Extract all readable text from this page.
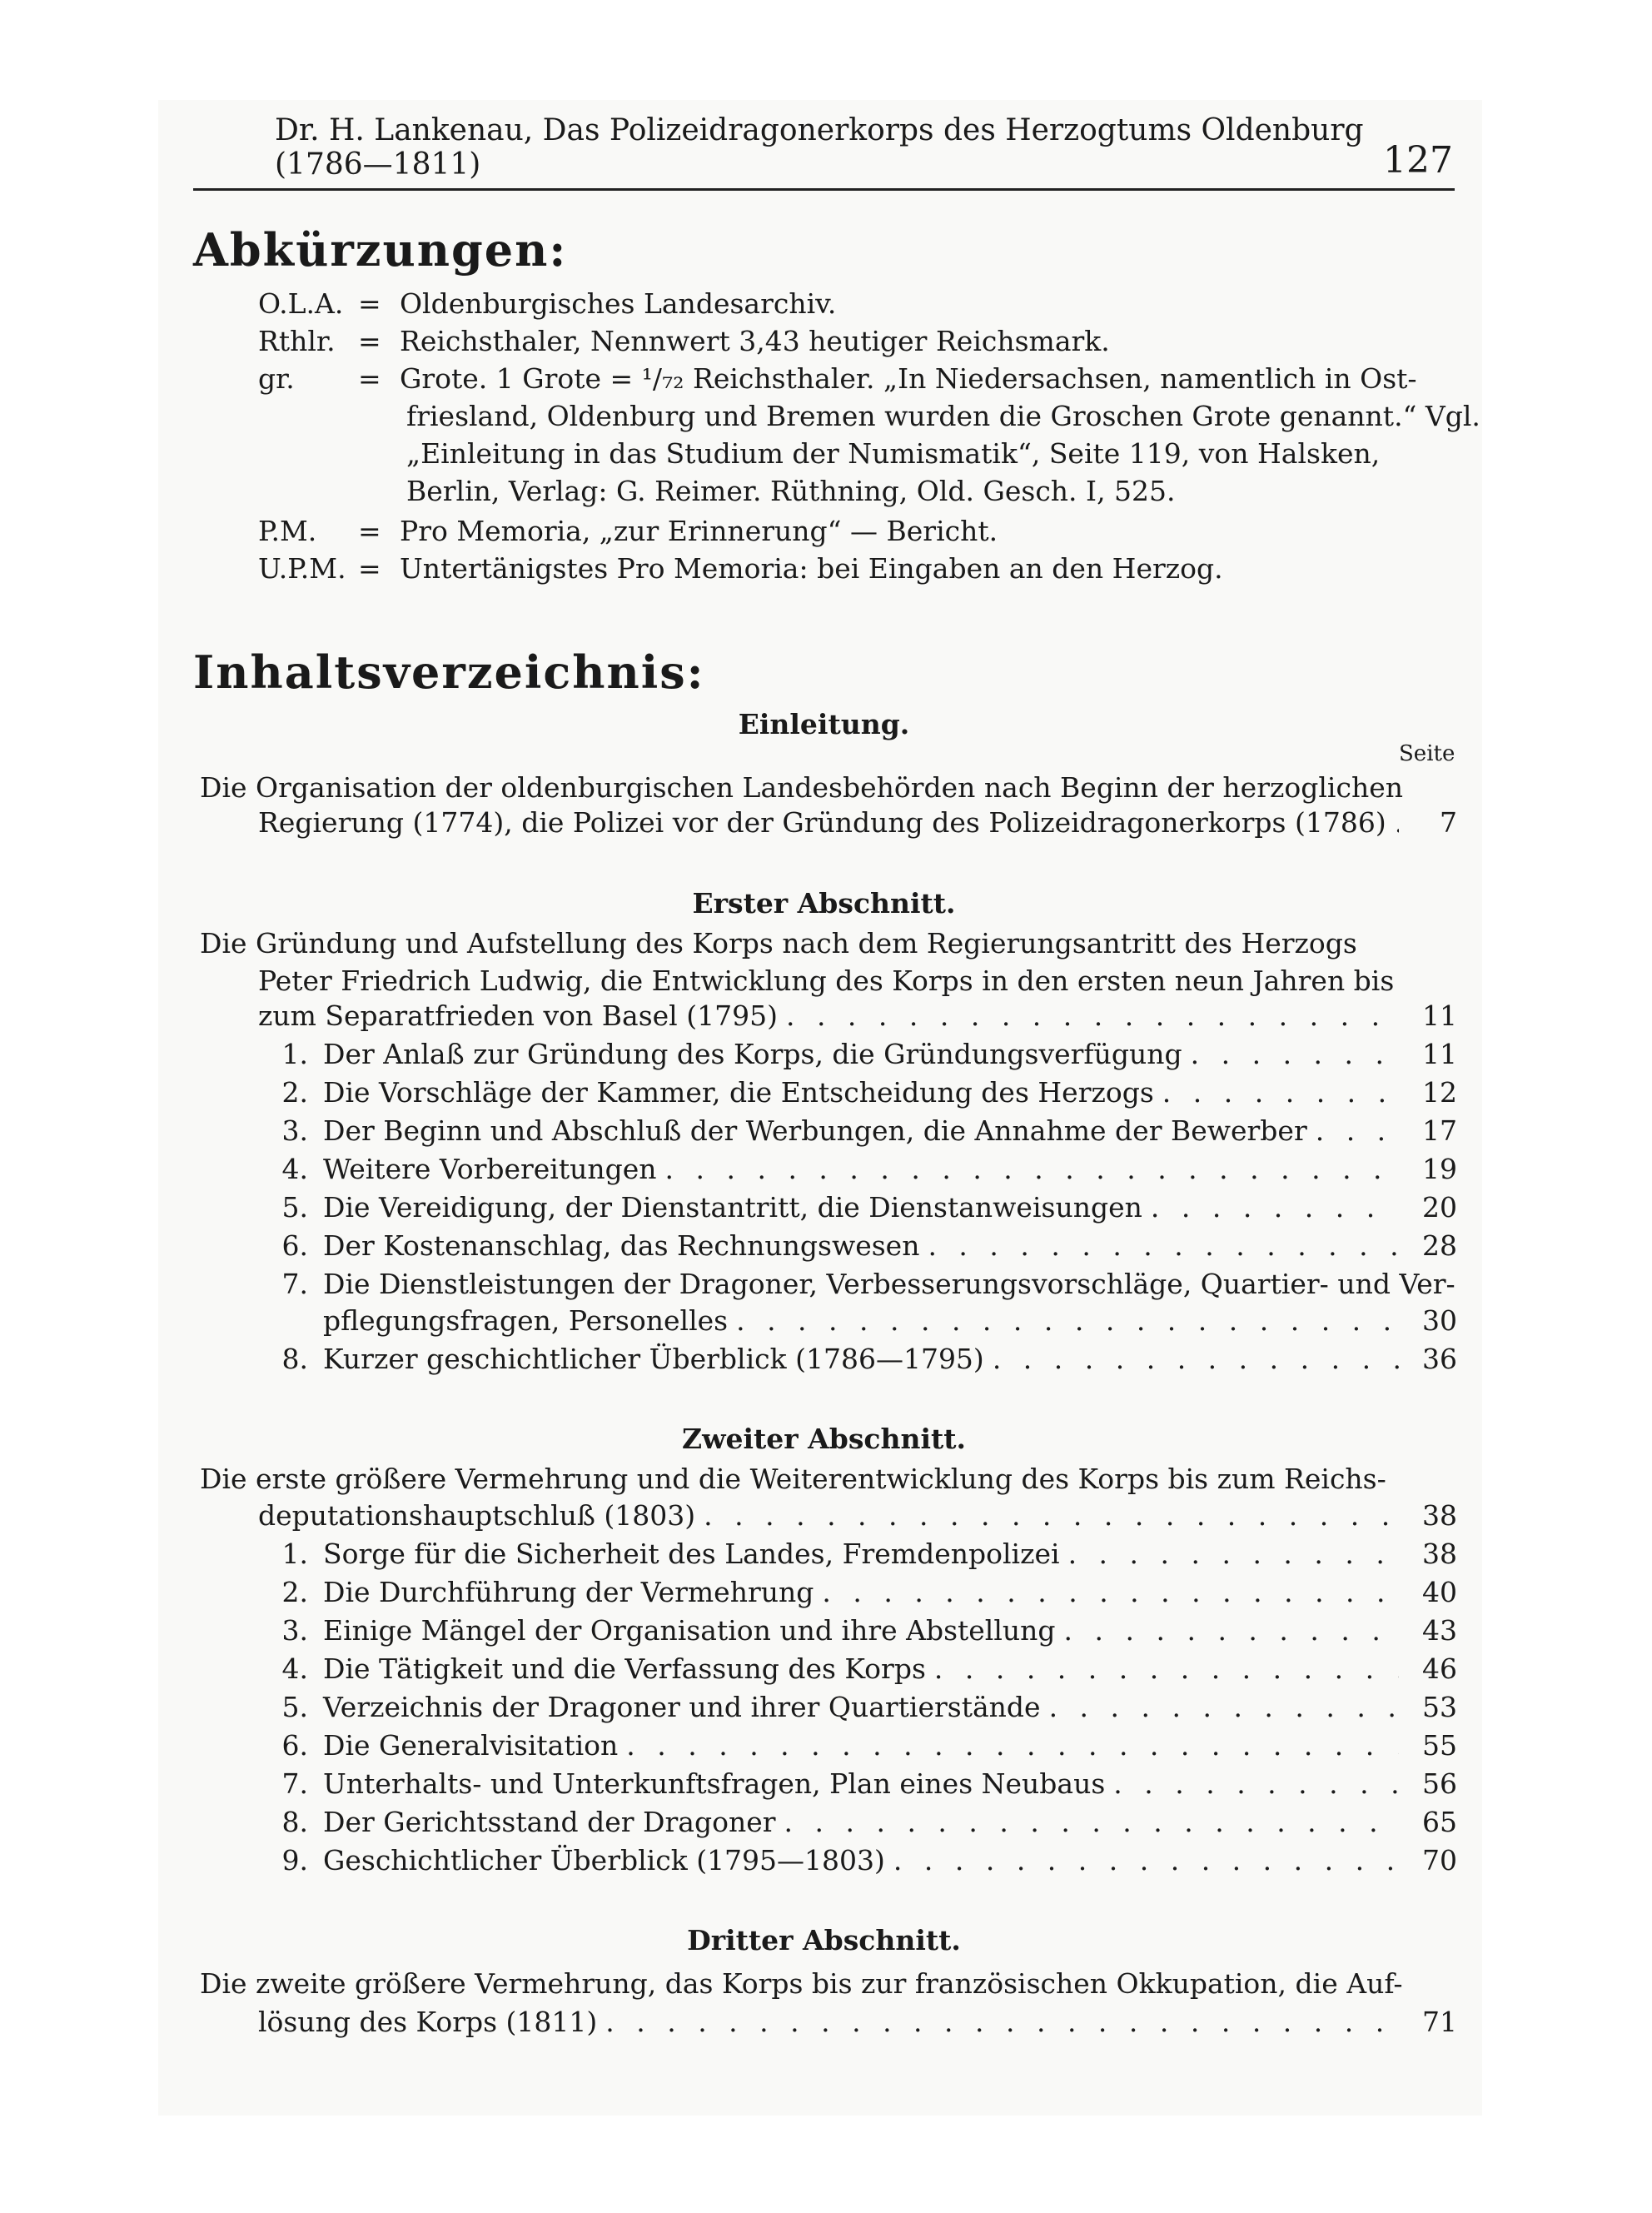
Dr. H. Lankenau, Das Polizeidragonerkorps des Herzogtums Oldenburg (1786—1811)	127
Abkürzungen:
O.L.A. = Oldenburgisches Landesarchiv.
Rthlr. = Reichsthaler, Nennwert 3,43 heutiger Reichsmark.
gr.	= Grote. 1 Grote = ¹/₇₂ Reichsthaler. „In Niedersachsen, namentlich in Ost-
friesland, Oldenburg und Bremen wurden die Groschen Grote genannt.“ Vgl.
„Einleitung in das Studium der Numismatik“, Seite 119, von Halsken,
Berlin, Verlag: G. Reimer. Rüthning, Old. Gesch. I, 525.
P.M.	= Pro Memoria, „zur Erinnerung“ — Bericht.
U.P.M. = Untertänigstes Pro Memoria: bei Eingaben an den Herzog.
Inhaltsverzeichnis:
Einleitung.
Seite
Die Organisation der oldenburgischen Landesbehörden nach Beginn der herzoglichen
Regierung (1774), die Polizei vor der Gründung des Polizeidragonerkorps (1786) . . .	7
Erster Abschnitt.
Die Gründung und Aufstellung des Korps nach dem Regierungsantritt des Herzogs
Peter Friedrich Ludwig, die Entwicklung des Korps in den ersten neun Jahren bis
zum Separatfrieden von Basel (1795) . . .	11
1. Der Anlaß zur Gründung des Korps, die Gründungsverfügung . . .	11
2. Die Vorschläge der Kammer, die Entscheidung des Herzogs . . .	12
3. Der Beginn und Abschluß der Werbungen, die Annahme der Bewerber . . .	17
4. Weitere Vorbereitungen . . .	19
5. Die Vereidigung, der Dienstantritt, die Dienstanweisungen . . .	20
6. Der Kostenanschlag, das Rechnungswesen . . .	28
7. Die Dienstleistungen der Dragoner, Verbesserungsvorschläge, Quartier- und Ver-
pflegungsfragen, Personelles . . .	30
8. Kurzer geschichtlicher Überblick (1786—1795) . . .	36
Zweiter Abschnitt.
Die erste größere Vermehrung und die Weiterentwicklung des Korps bis zum Reichs-
deputationshauptschluß (1803) . . .	38
1. Sorge für die Sicherheit des Landes, Fremdenpolizei . . .	38
2. Die Durchführung der Vermehrung . . .	40
3. Einige Mängel der Organisation und ihre Abstellung . . .	43
4. Die Tätigkeit und die Verfassung des Korps . . .	46
5. Verzeichnis der Dragoner und ihrer Quartierstände . . .	53
6. Die Generalvisitation . . .	55
7. Unterhalts- und Unterkunftsfragen, Plan eines Neubaus . . .	56
8. Der Gerichtsstand der Dragoner . . .	65
9. Geschichtlicher Überblick (1795—1803) . . .	70
Dritter Abschnitt.
Die zweite größere Vermehrung, das Korps bis zur französischen Okkupation, die Auf-
lösung des Korps (1811) . . .	71
